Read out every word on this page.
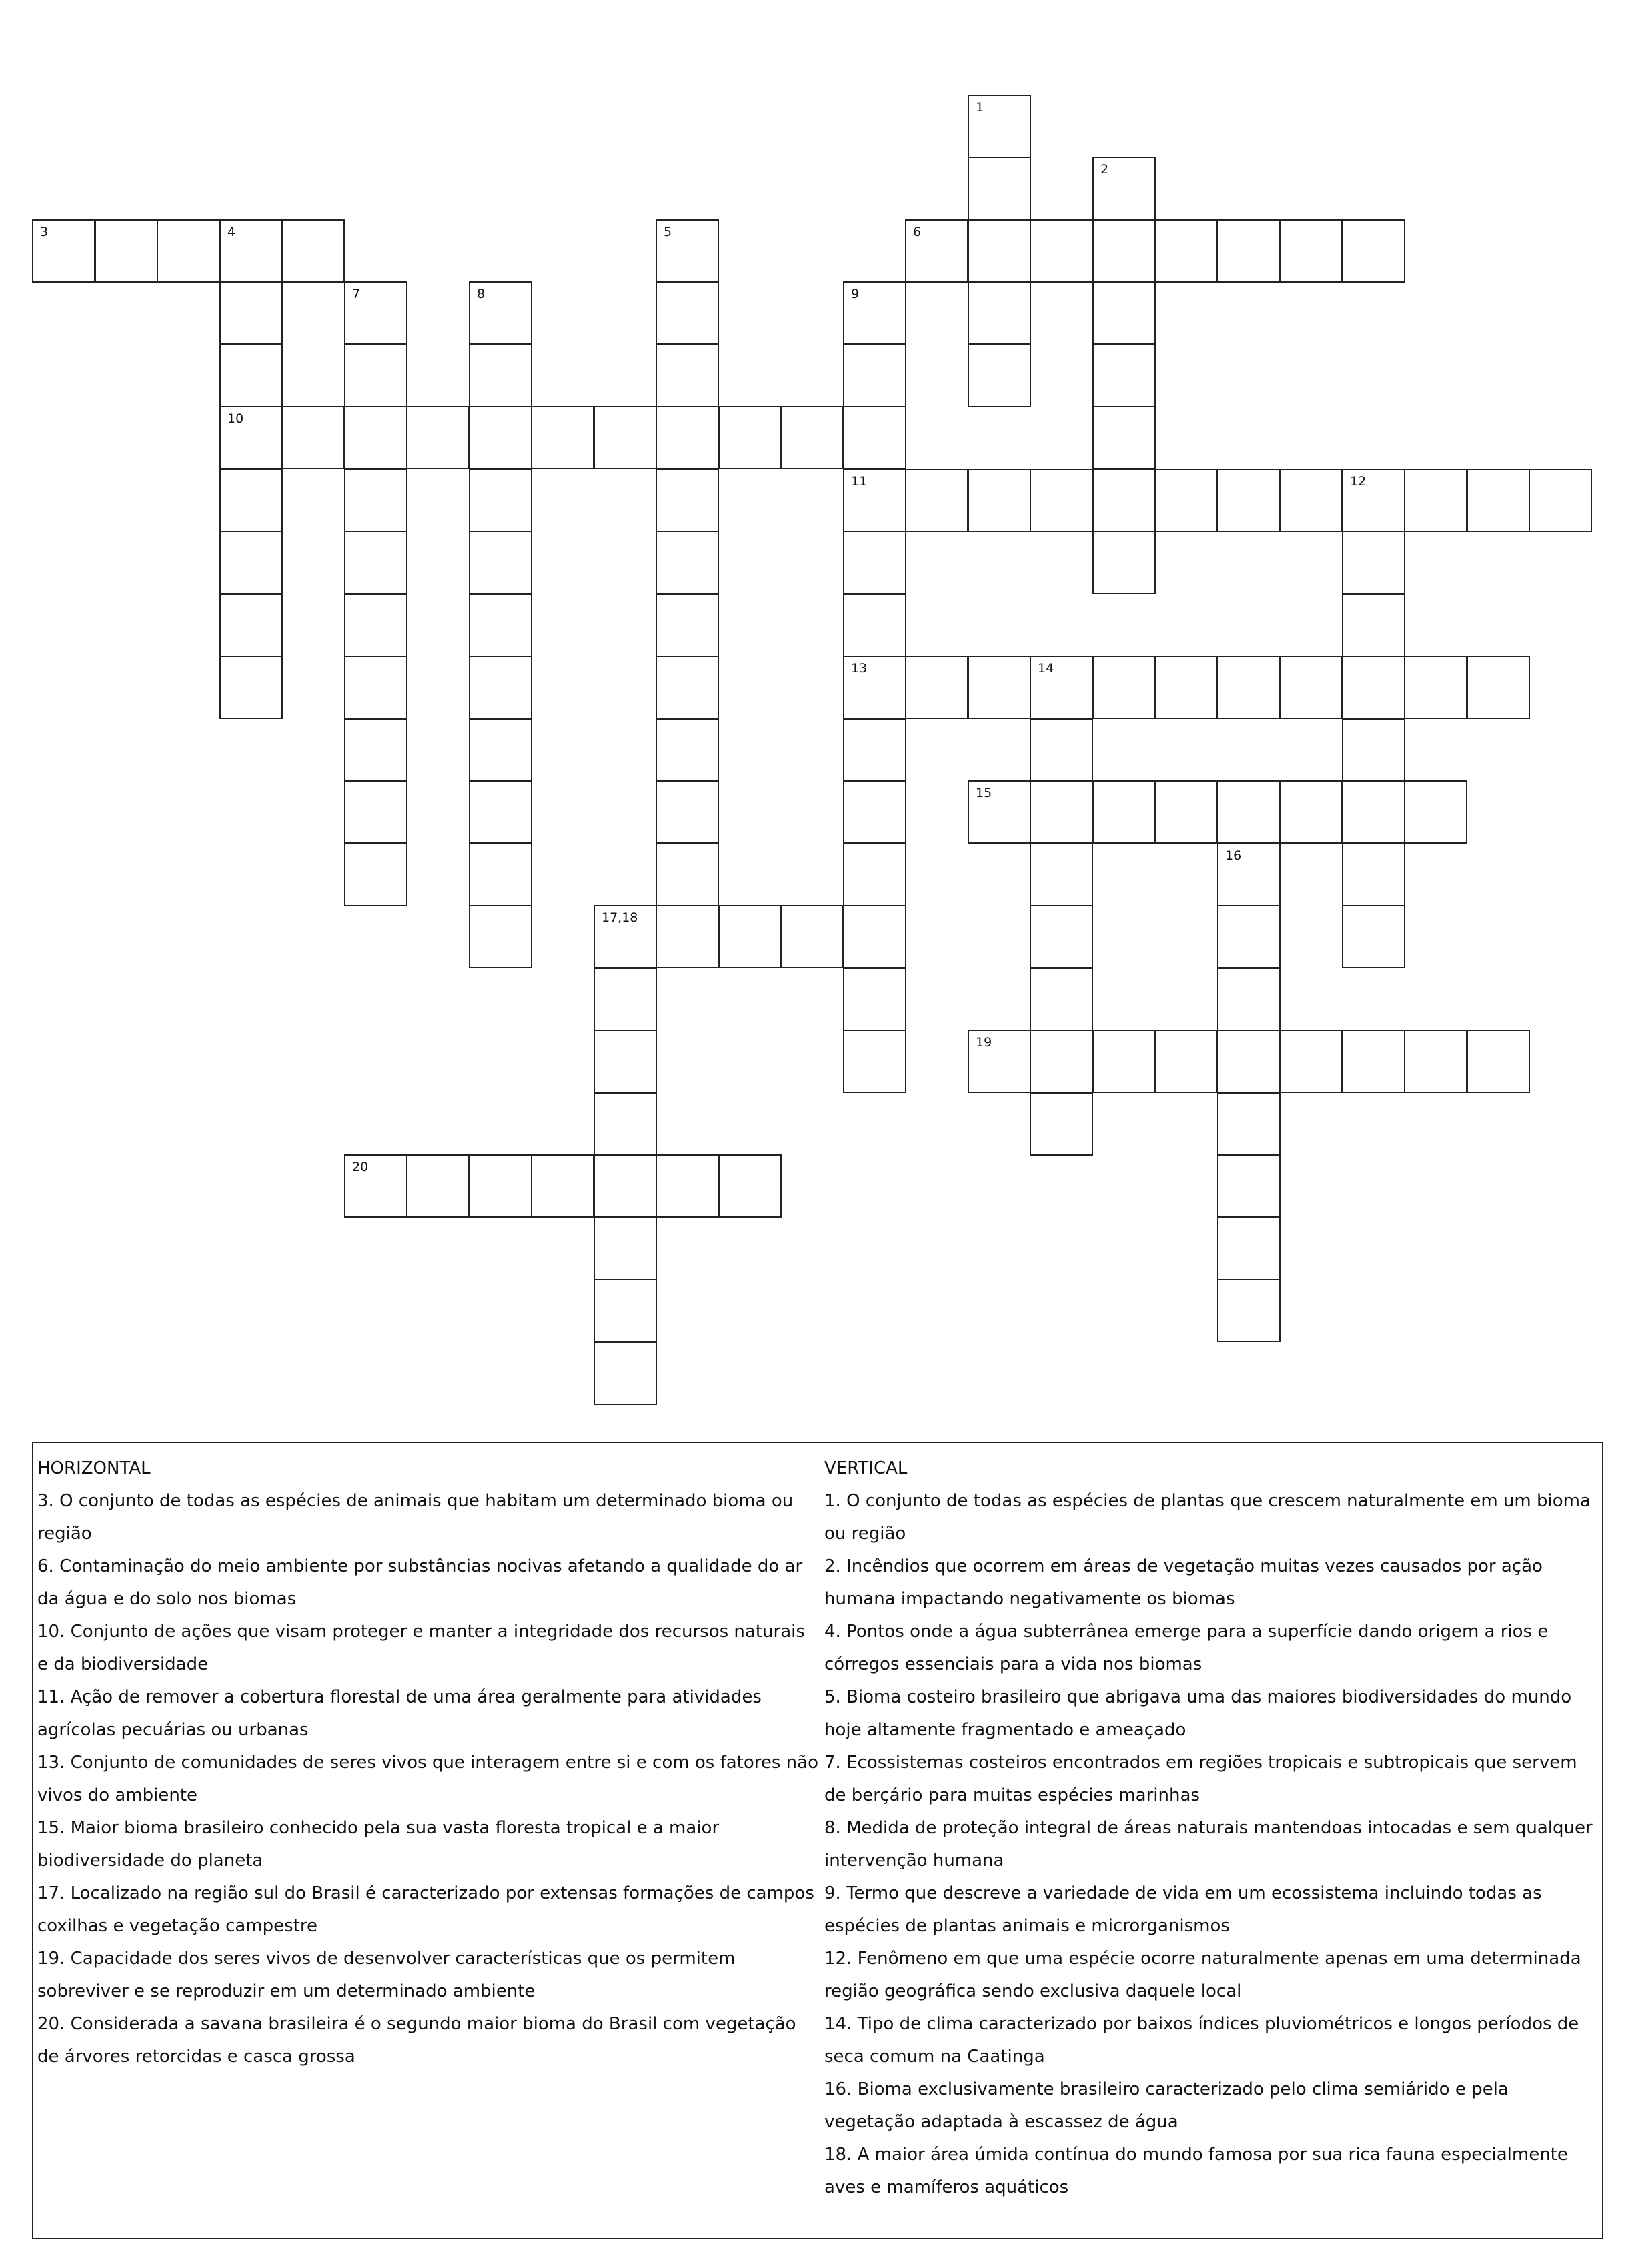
1
2
3	4	5	6
7	8	9
10
11	12
13	14
15
17,18
16
19
20
HORIZONTAL
3. O conjunto de todas as espécies de animais que habitam um determinado bioma ou região
6. Contaminação do meio ambiente por substâncias nocivas afetando a qualidade do ar da água e do solo nos biomas
10. Conjunto de ações que visam proteger e manter a integridade dos recursos naturais e da biodiversidade
11. Ação de remover a cobertura florestal de uma área geralmente para atividades agrícolas pecuárias ou urbanas
13. Conjunto de comunidades de seres vivos que interagem entre si e com os fatores não vivos do ambiente
15. Maior bioma brasileiro conhecido pela sua vasta floresta tropical e a maior biodiversidade do planeta
17. Localizado na região sul do Brasil é caracterizado por extensas formações de campos coxilhas e vegetação campestre
19. Capacidade dos seres vivos de desenvolver características que os permitem sobreviver e se reproduzir em um determinado ambiente
20. Considerada a savana brasileira é o segundo maior bioma do Brasil com vegetação de árvores retorcidas e casca grossa
VERTICAL
1. O conjunto de todas as espécies de plantas que crescem naturalmente em um bioma ou região
2. Incêndios que ocorrem em áreas de vegetação muitas vezes causados por ação humana impactando negativamente os biomas
4. Pontos onde a água subterrânea emerge para a superfície dando origem a rios e córregos essenciais para a vida nos biomas
5. Bioma costeiro brasileiro que abrigava uma das maiores biodiversidades do mundo hoje altamente fragmentado e ameaçado
7. Ecossistemas costeiros encontrados em regiões tropicais e subtropicais que servem de berçário para muitas espécies marinhas
8. Medida de proteção integral de áreas naturais mantendoas intocadas e sem qualquer intervenção humana
9. Termo que descreve a variedade de vida em um ecossistema incluindo todas as espécies de plantas animais e microrganismos
12. Fenômeno em que uma espécie ocorre naturalmente apenas em uma determinada região geográfica sendo exclusiva daquele local
14. Tipo de clima caracterizado por baixos índices pluviométricos e longos períodos de seca comum na Caatinga
16. Bioma exclusivamente brasileiro caracterizado pelo clima semiárido e pela vegetação adaptada à escassez de água
18. A maior área úmida contínua do mundo famosa por sua rica fauna especialmente aves e mamíferos aquáticos
